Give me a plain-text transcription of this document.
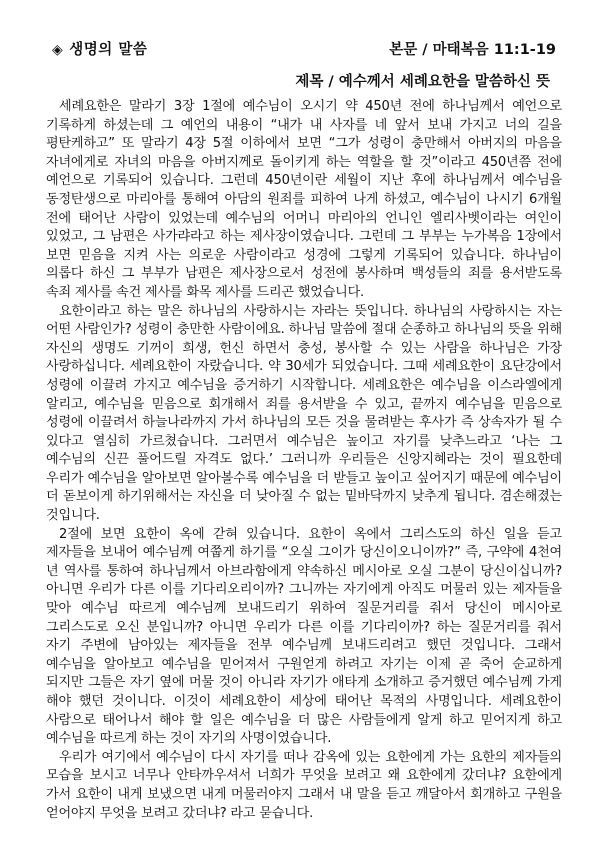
◈ 생명의 말씀	본문 / 마태복음 11:1-19
제목 / 예수께서 세례요한을 말씀하신 뜻

세례요한은 말라기 3장 1절에 예수님이 오시기 약 450년 전에 하나님께서 예언으로 기록하게 하셨는데 그 예언의 내용이 “내가 내 사자를 네 앞서 보내 가지고 너의 길을 평탄케하고” 또 말라기 4장 5절 이하에서 보면 “그가 성령이 충만해서 아버지의 마음을 자녀에게로 자녀의 마음을 아버지께로 돌이키게 하는 역할을 할 것”이라고 450년쯤 전에 예언으로 기록되어 있습니다. 그런데 450년이란 세월이 지난 후에 하나님께서 예수님을 동정탄생으로 마리아를 통해여 아담의 원죄를 피하여 나게 하셨고, 예수님이 나시기 6개월 전에 태어난 사람이 있었는데 예수님의 어머니 마리아의 언니인 엘리사벳이라는 여인이 있었고, 그 남편은 사가랴라고 하는 제사장이였습니다. 그런데 그 부부는 누가복음 1장에서 보면 믿음을 지켜 사는 의로운 사람이라고 성경에 그렇게 기록되어 있습니다. 하나님이 의롭다 하신 그 부부가 남편은 제사장으로서 성전에 봉사하며 백성들의 죄를 용서받도록 속죄 제사를 속건 제사를 화목 제사를 드리곤 했었습니다.

요한이라고 하는 말은 하나님의 사랑하시는 자라는 뜻입니다. 하나님의 사랑하시는 자는 어떤 사람인가? 성령이 충만한 사람이에요. 하나님 말씀에 절대 순종하고 하나님의 뜻을 위해 자신의 생명도 기꺼이 희생, 헌신 하면서 충성, 봉사할 수 있는 사람을 하나님은 가장 사랑하십니다. 세례요한이 자랐습니다. 약 30세가 되었습니다. 그때 세례요한이 요단강에서 성령에 이끌려 가지고 예수님을 증거하기 시작합니다. 세례요한은 예수님을 이스라엘에게 알리고, 예수님을 믿음으로 회개해서 죄를 용서받을 수 있고, 끝까지 예수님을 믿음으로 성령에 이끌려서 하늘나라까지 가서 하나님의 모든 것을 물려받는 후사가 즉 상속자가 될 수 있다고 열심히 가르쳤습니다. 그러면서 예수님은 높이고 자기를 낮추느라고 ‘나는 그 예수님의 신끈 풀어드릴 자격도 없다.’ 그러니까 우리들은 신앙지혜라는 것이 필요한데 우리가 예수님을 알아보면 알아볼수록 예수님을 더 받들고 높이고 싶어지기 때문에 예수님이 더 돋보이게 하기위해서는 자신을 더 낮아질 수 없는 밑바닥까지 낮추게 됩니다. 겸손해졌는 것입니다.

2절에 보면 요한이 옥에 갇혀 있습니다. 요한이 옥에서 그리스도의 하신 일을 듣고 제자들을 보내어 예수님께 여쭙게 하기를 “오실 그이가 당신이오니이까?” 즉, 구약에 4천여 년 역사를 통하여 하나님께서 아브라함에게 약속하신 메시아로 오실 그분이 당신이십니까? 아니면 우리가 다른 이를 기다리오리이까? 그니까는 자기에게 아직도 머물러 있는 제자들을 맞아 예수님 따르게 예수님께 보내드리기 위하여 질문거리를 줘서 당신이 메시아로 그리스도로 오신 분입니까? 아니면 우리가 다른 이를 기다리이까? 하는 질문거리를 줘서 자기 주변에 남아있는 제자들을 전부 예수님께 보내드리려고 했던 것입니다. 그래서 예수님을 알아보고 예수님을 믿어져서 구원얻게 하려고 자기는 이제 곧 죽어 순교하게 되지만 그들은 자기 옆에 머물 것이 아니라 자기가 애타게 소개하고 증거했던 예수님께 가게 해야 했던 것이니다. 이것이 세례요한이 세상에 태어난 목적의 사명입니다. 세례요한이 사람으로 태어나서 해야 할 일은 예수님을 더 많은 사람들에게 알게 하고 믿어지게 하고 예수님을 따르게 하는 것이 자기의 사명이였습니다.

우리가 여기에서 예수님이 다시 자기를 떠나 감옥에 있는 요한에게 가는 요한의 제자들의 모습을 보시고 너무나 안타까우셔서 너희가 무엇을 보려고 왜 요한에게 갔더냐? 요한에게 가서 요한이 내게 보냈으면 내게 머물러야지 그래서 내 말을 듣고 깨달아서 회개하고 구원을 얻어야지 무엇을 보려고 갔더냐? 라고 묻습니다.
